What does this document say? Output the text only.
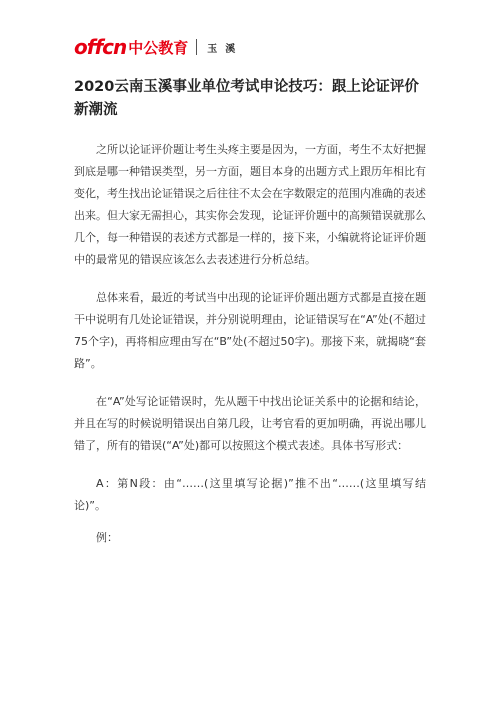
offcn 中公教育 玉溪
2020云南玉溪事业单位考试申论技巧：跟上论证评价新潮流

之所以论证评价题让考生头疼主要是因为，一方面，考生不太好把握到底是哪一种错误类型，另一方面，题目本身的出题方式上跟历年相比有变化，考生找出论证错误之后往往不太会在字数限定的范围内准确的表述出来。但大家无需担心，其实你会发现，论证评价题中的高频错误就那么几个，每一种错误的表述方式都是一样的，接下来，小编就将论证评价题中的最常见的错误应该怎么去表述进行分析总结。

总体来看，最近的考试当中出现的论证评价题出题方式都是直接在题干中说明有几处论证错误，并分别说明理由，论证错误写在“A”处(不超过75个字)，再将相应理由写在“B”处(不超过50字)。那接下来，就揭晓“套路”。

在“A”处写论证错误时，先从题干中找出论证关系中的论据和结论，并且在写的时候说明错误出自第几段，让考官看的更加明确，再说出哪儿错了，所有的错误(“A”处)都可以按照这个模式表述。具体书写形式：

A：第N段：由“……(这里填写论据)”推不出“……(这里填写结论)”。

例：
